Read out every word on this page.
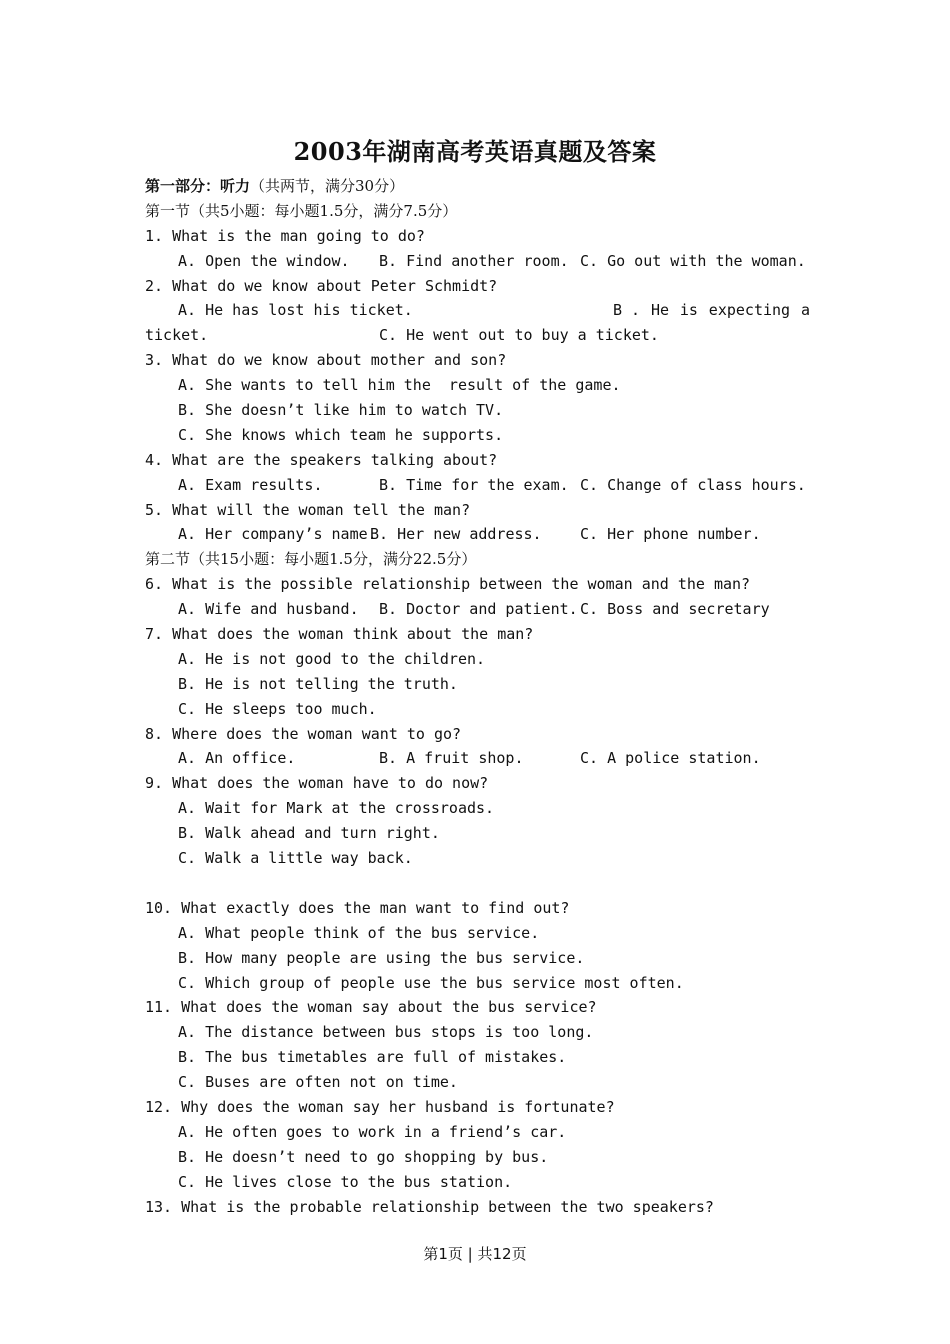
2003年湖南高考英语真题及答案
第一部分：听力（共两节，满分30分）
第一节（共5小题：每小题1.5分，满分7.5分）
1. What is the man going to do?
A. Open the window.	B. Find another room. C. Go out with the woman.
2. What do we know about Peter Schmidt?
A. He has lost his ticket.	B . He is expecting a
ticket.	C. He went out to buy a ticket.
3. What do we know about mother and son?
A. She wants to tell him the  result of the game.
B. She doesn’t like him to watch TV.
C. She knows which team he supports.
4. What are the speakers talking about?
A. Exam results.	B. Time for the exam. C. Change of class hours.
5. What will the woman tell the man?
A. Her company’s name.
B. Her new address.	C. Her phone number.
第二节（共15小题：每小题1.5分，满分22.5分）
6. What is the possible relationship between the woman and the man?
A. Wife and husband.	B. Doctor and patient. C. Boss and secretary
7. What does the woman think about the man?
A. He is not good to the children.
B. He is not telling the truth.
C. He sleeps too much.
8. Where does the woman want to go?
A. An office.	B. A fruit shop.	C. A police station.
9. What does the woman have to do now?
A. Wait for Mark at the crossroads.
B. Walk ahead and turn right.
C. Walk a little way back.
10. What exactly does the man want to find out?
A. What people think of the bus service.
B. How many people are using the bus service.
C. Which group of people use the bus service most often.
11. What does the woman say about the bus service?
A. The distance between bus stops is too long.
B. The bus timetables are full of mistakes.
C. Buses are often not on time.
12. Why does the woman say her husband is fortunate?
A. He often goes to work in a friend’s car.
B. He doesn’t need to go shopping by bus.
C. He lives close to the bus station.
13. What is the probable relationship between the two speakers?
第1页 | 共12页
